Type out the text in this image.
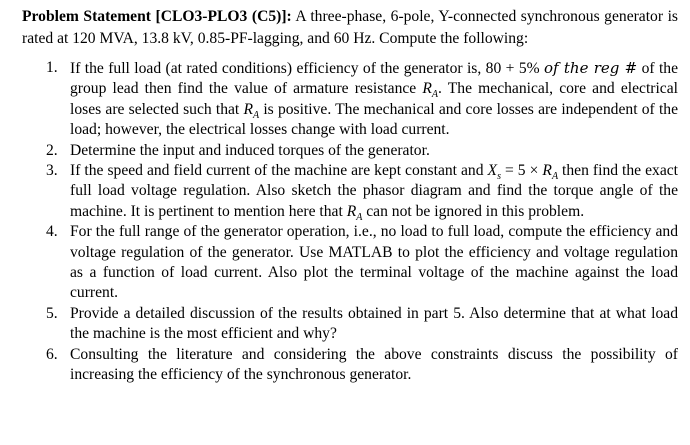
Problem Statement [CLO3-PLO3 (C5)]: A three-phase, 6-pole, Y-connected synchronous generator is rated at 120 MVA, 13.8 kV, 0.85-PF-lagging, and 60 Hz. Compute the following:

1. If the full load (at rated conditions) efficiency of the generator is, 80 + 5% of the reg # of the group lead then find the value of armature resistance $R_A$. The mechanical, core and electrical loses are selected such that $R_A$ is positive. The mechanical and core losses are independent of the load; however, the electrical losses change with load current.
2. Determine the input and induced torques of the generator.
3. If the speed and field current of the machine are kept constant and $X_s = 5 \times R_A$ then find the exact full load voltage regulation. Also sketch the phasor diagram and find the torque angle of the machine. It is pertinent to mention here that $R_A$ can not be ignored in this problem.
4. For the full range of the generator operation, i.e., no load to full load, compute the efficiency and voltage regulation of the generator. Use MATLAB to plot the efficiency and voltage regulation as a function of load current. Also plot the terminal voltage of the machine against the load current.
5. Provide a detailed discussion of the results obtained in part 5. Also determine that at what load the machine is the most efficient and why?
6. Consulting the literature and considering the above constraints discuss the possibility of increasing the efficiency of the synchronous generator.
